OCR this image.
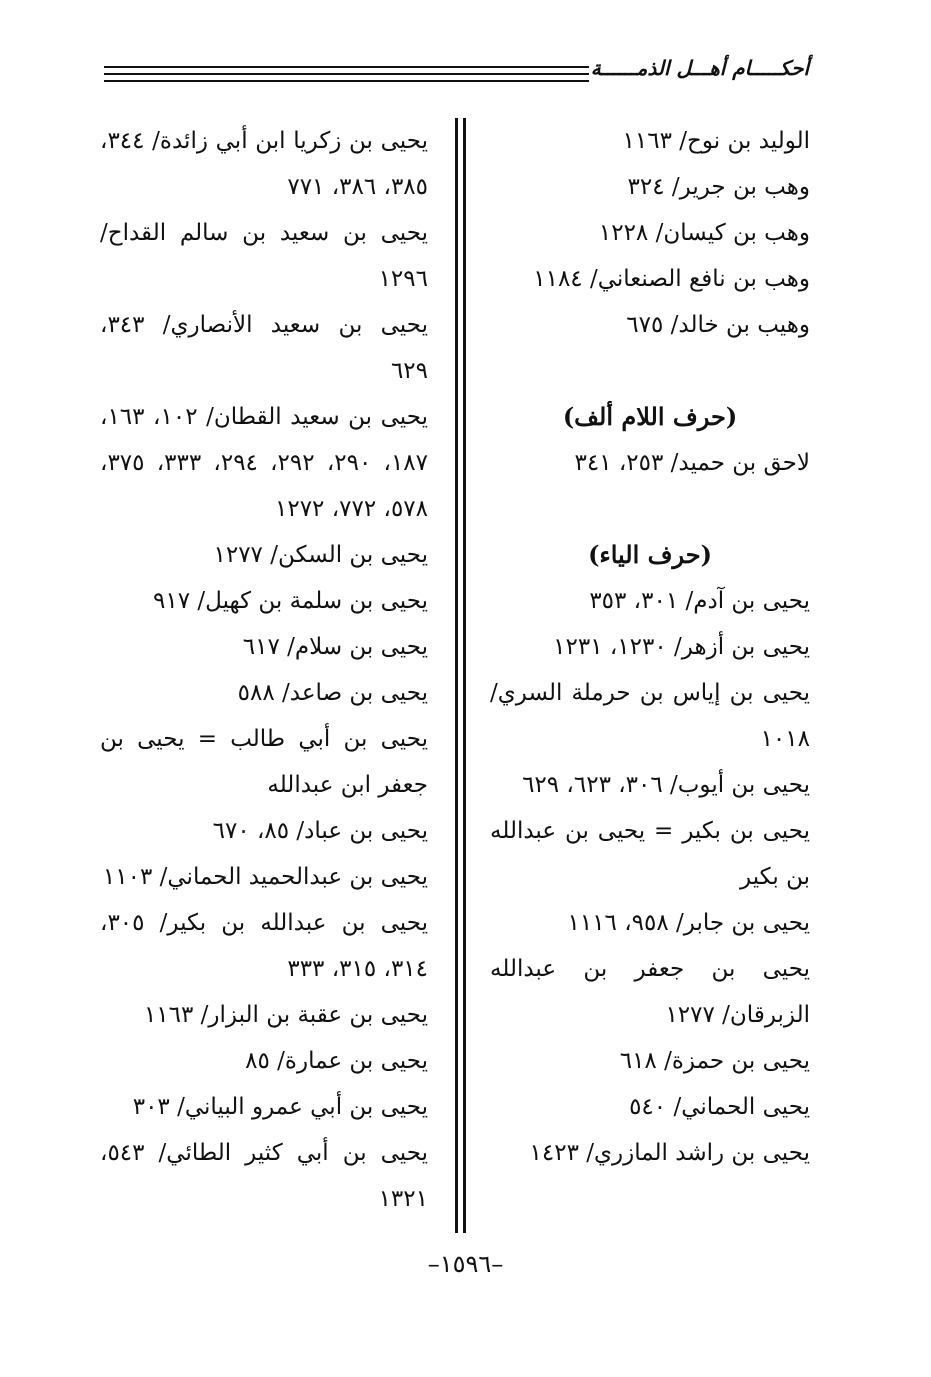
أحكـــــام أهـــل الذمــــــة
الوليد بن نوح/ ١١٦٣
وهب بن جرير/ ٣٢٤
وهب بن كيسان/ ١٢٢٨
وهب بن نافع الصنعاني/ ١١٨٤
وهيب بن خالد/ ٦٧٥
(حرف اللام ألف)
لاحق بن حميد/ ٢٥٣، ٣٤١
(حرف الياء)
يحيى بن آدم/ ٣٠١، ٣٥٣
يحيى بن أزهر/ ١٢٣٠، ١٢٣١
يحيى بن إياس بن حرملة السري/ ١٠١٨
يحيى بن أيوب/ ٣٠٦، ٦٢٣، ٦٢٩
يحيى بن بكير = يحيى بن عبدالله بن بكير
يحيى بن جابر/ ٩٥٨، ١١١٦
يحيى بن جعفر بن عبدالله الزبرقان/ ١٢٧٧
يحيى بن حمزة/ ٦١٨
يحيى الحماني/ ٥٤٠
يحيى بن راشد المازري/ ١٤٢٣
يحيى بن زكريا ابن أبي زائدة/ ٣٤٤، ٣٨٥، ٣٨٦، ٧٧١
يحيى بن سعيد بن سالم القداح/ ١٢٩٦
يحيى بن سعيد الأنصاري/ ٣٤٣، ٦٢٩
يحيى بن سعيد القطان/ ١٠٢، ١٦٣، ١٨٧، ٢٩٠، ٢٩٢، ٢٩٤، ٣٣٣، ٣٧٥، ٥٧٨، ٧٧٢، ١٢٧٢
يحيى بن السكن/ ١٢٧٧
يحيى بن سلمة بن كهيل/ ٩١٧
يحيى بن سلام/ ٦١٧
يحيى بن صاعد/ ٥٨٨
يحيى بن أبي طالب = يحيى بن جعفر ابن عبدالله
يحيى بن عباد/ ٨٥، ٦٧٠
يحيى بن عبدالحميد الحماني/ ١١٠٣
يحيى بن عبدالله بن بكير/ ٣٠٥، ٣١٤، ٣١٥، ٣٣٣
يحيى بن عقبة بن البزار/ ١١٦٣
يحيى بن عمارة/ ٨٥
يحيى بن أبي عمرو البياني/ ٣٠٣
يحيى بن أبي كثير الطائي/ ٥٤٣، ١٣٢١
–١٥٩٦–
